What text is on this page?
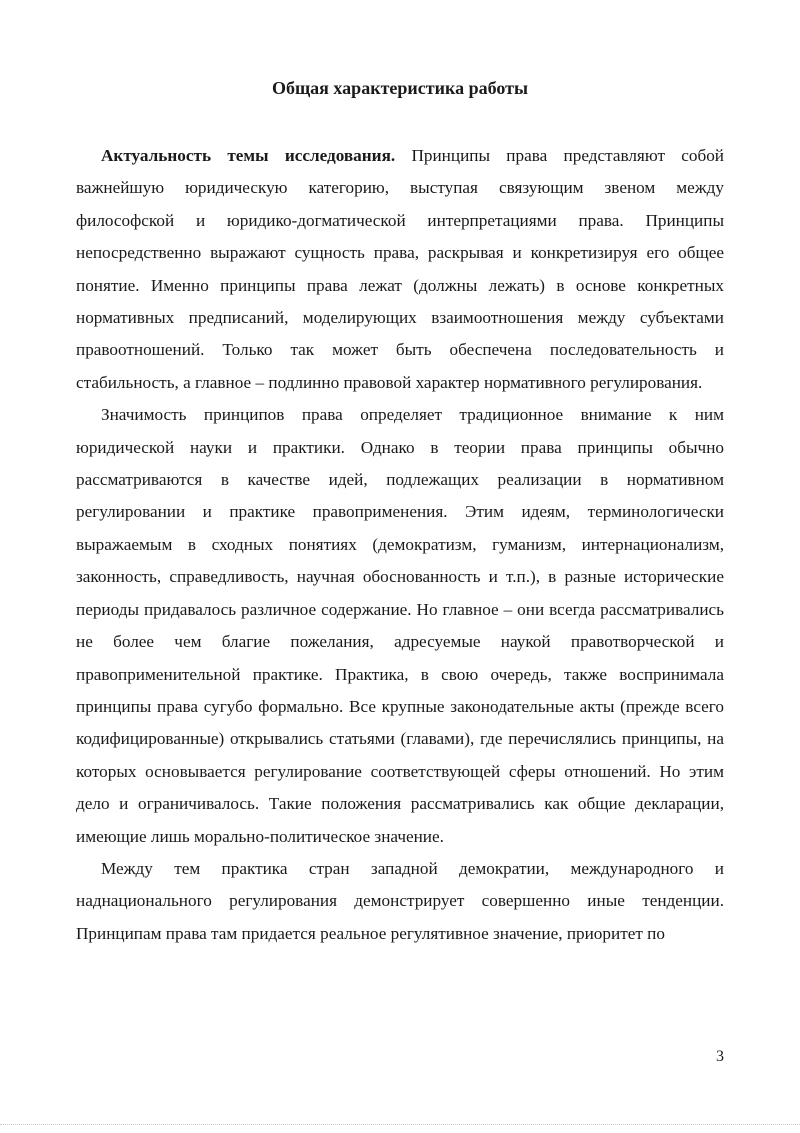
Общая характеристика работы

Актуальность темы исследования. Принципы права представляют собой важнейшую юридическую категорию, выступая связующим звеном между философской и юридико-догматической интерпретациями права. Принципы непосредственно выражают сущность права, раскрывая и конкретизируя его общее понятие. Именно принципы права лежат (должны лежать) в основе конкретных нормативных предписаний, моделирующих взаимоотношения между субъектами правоотношений. Только так может быть обеспечена последовательность и стабильность, а главное – подлинно правовой характер нормативного регулирования.

Значимость принципов права определяет традиционное внимание к ним юридической науки и практики. Однако в теории права принципы обычно рассматриваются в качестве идей, подлежащих реализации в нормативном регулировании и практике правоприменения. Этим идеям, терминологически выражаемым в сходных понятиях (демократизм, гуманизм, интернационализм, законность, справедливость, научная обоснованность и т.п.), в разные исторические периоды придавалось различное содержание. Но главное – они всегда рассматривались не более чем благие пожелания, адресуемые наукой правотворческой и правоприменительной практике. Практика, в свою очередь, также воспринимала принципы права сугубо формально. Все крупные законодательные акты (прежде всего кодифицированные) открывались статьями (главами), где перечислялись принципы, на которых основывается регулирование соответствующей сферы отношений. Но этим дело и ограничивалось. Такие положения рассматривались как общие декларации, имеющие лишь морально-политическое значение.

Между тем практика стран западной демократии, международного и наднационального регулирования демонстрирует совершенно иные тенденции. Принципам права там придается реальное регулятивное значение, приоритет по

3
